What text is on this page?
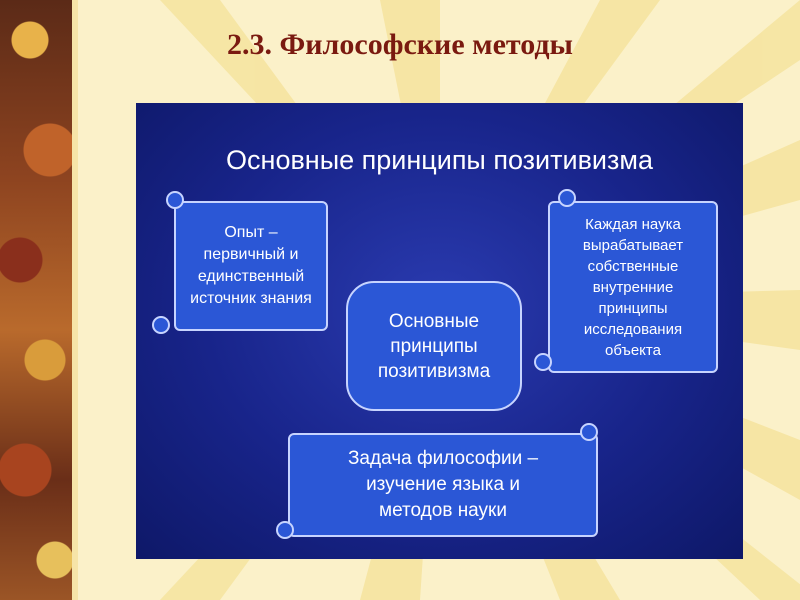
2.3. Философские методы
Основные принципы позитивизма
Опыт –
первичный и
единственный
источник знания
Каждая наука
вырабатывает
собственные
внутренние
принципы
исследования
объекта
Основные
принципы
позитивизма
Задача философии –
изучение языка и
методов науки
